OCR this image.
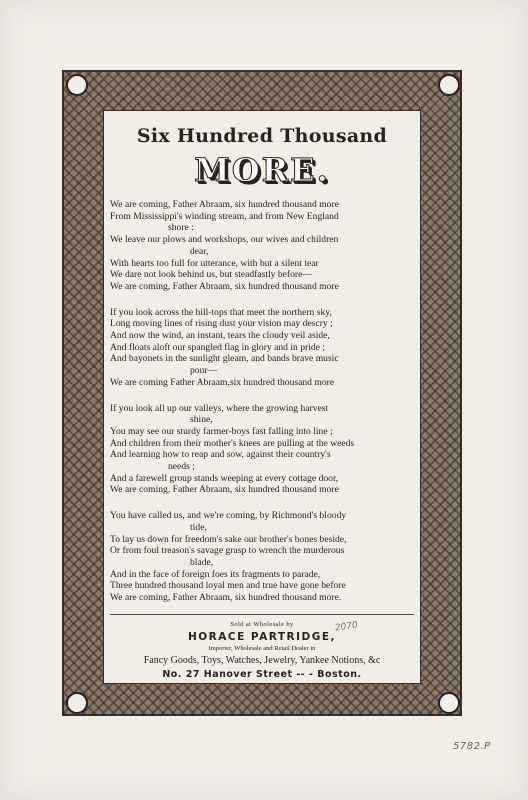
Six Hundred Thousand
MORE.
We are coming, Father Abraam, six hundred thousand more
From Mississippi's winding stream, and from New England
shore :
We leave our plows and workshops, our wives and children
dear,
With hearts too full for utterance, with but a silent tear
We dare not look behind us, but steadfastly before—
We are coming, Father Abraam, six hundred thousand more
If you look across the hill-tops that meet the northern sky,
Long moving lines of rising dust your vision may descry ;
And now the wind, an instant, tears the cloudy veil aside,
And floats aloft our spangled flag in glory and in pride ;
And bayonets in the sunlight gleam, and bands brave music
pour—
We are coming Father Abraam,six hundred thousand more
If you look all up our valleys, where the growing harvest
shine,
You may see our sturdy farmer-boys fast falling into line ;
And children from their mother's knees are pulling at the weeds
And learning how to reap and sow, against their country's
needs ;
And a farewell group stands weeping at every cottage door,
We are coming, Father Abraam, six hundred thousand more
You have called us, and we're coming, by Richmond's bloody
tide,
To lay us down for freedom's sake our brother's bones beside,
Or from foul treason's savage grasp to wrench the murderous
blade,
And in the face of foreign foes its fragments to parade,
Three hundred thousand loyal men and true have gone before
We are coming, Father Abraam, six hundred thousand more.
Sold at Wholesale by
HORACE PARTRIDGE,
Importer, Wholesale and Retail Dealer in
Fancy Goods, Toys, Watches, Jewelry, Yankee Notions, &c
No. 27 Hanover Street -- - Boston.
2070
5782.P
